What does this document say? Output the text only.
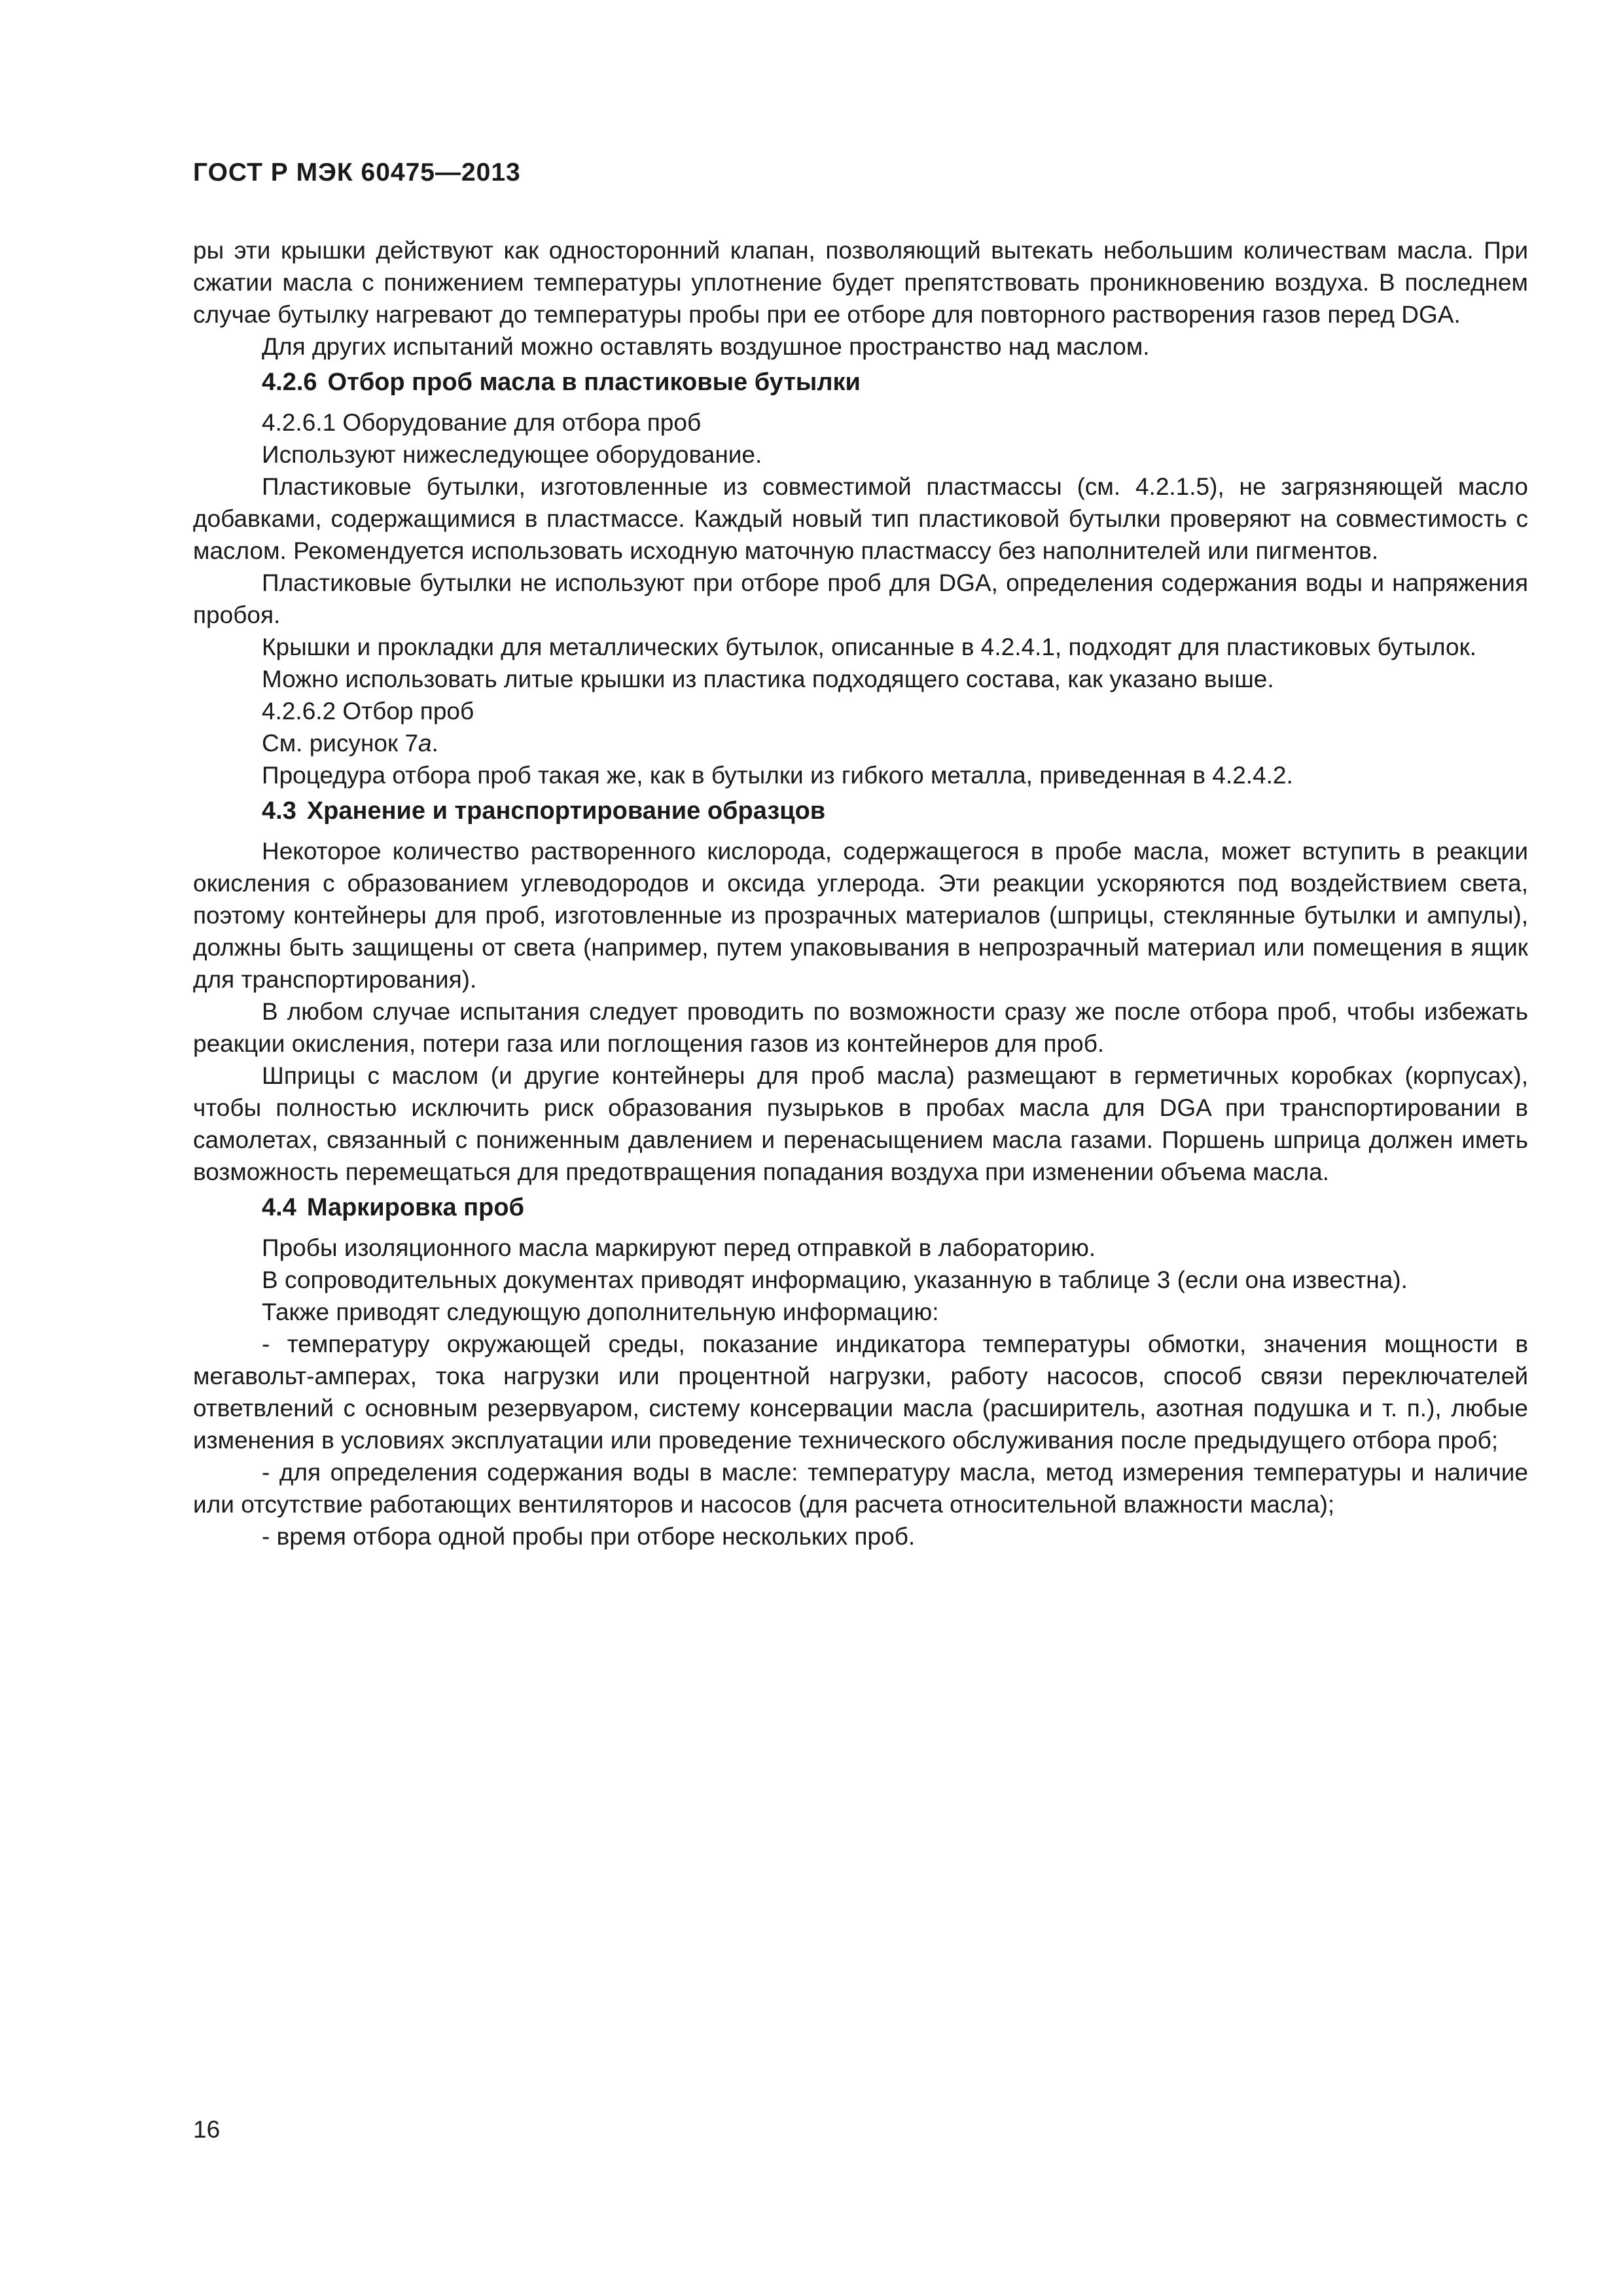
ГОСТ Р МЭК 60475—2013

ры эти крышки действуют как односторонний клапан, позволяющий вытекать небольшим количествам масла. При сжатии масла с понижением температуры уплотнение будет препятствовать проникновению воздуха. В последнем случае бутылку нагревают до температуры пробы при ее отборе для повторного растворения газов перед DGA.

Для других испытаний можно оставлять воздушное пространство над маслом.

4.2.6 Отбор проб масла в пластиковые бутылки

4.2.6.1 Оборудование для отбора проб

Используют нижеследующее оборудование.

Пластиковые бутылки, изготовленные из совместимой пластмассы (см. 4.2.1.5), не загрязняющей масло добавками, содержащимися в пластмассе. Каждый новый тип пластиковой бутылки проверяют на совместимость с маслом. Рекомендуется использовать исходную маточную пластмассу без наполнителей или пигментов.

Пластиковые бутылки не используют при отборе проб для DGA, определения содержания воды и напряжения пробоя.

Крышки и прокладки для металлических бутылок, описанные в 4.2.4.1, подходят для пластиковых бутылок.

Можно использовать литые крышки из пластика подходящего состава, как указано выше.

4.2.6.2 Отбор проб

См. рисунок 7а.

Процедура отбора проб такая же, как в бутылки из гибкого металла, приведенная в 4.2.4.2.

4.3 Хранение и транспортирование образцов

Некоторое количество растворенного кислорода, содержащегося в пробе масла, может вступить в реакции окисления с образованием углеводородов и оксида углерода. Эти реакции ускоряются под воздействием света, поэтому контейнеры для проб, изготовленные из прозрачных материалов (шприцы, стеклянные бутылки и ампулы), должны быть защищены от света (например, путем упаковывания в непрозрачный материал или помещения в ящик для транспортирования).

В любом случае испытания следует проводить по возможности сразу же после отбора проб, чтобы избежать реакции окисления, потери газа или поглощения газов из контейнеров для проб.

Шприцы с маслом (и другие контейнеры для проб масла) размещают в герметичных коробках (корпусах), чтобы полностью исключить риск образования пузырьков в пробах масла для DGA при транспортировании в самолетах, связанный с пониженным давлением и перенасыщением масла газами. Поршень шприца должен иметь возможность перемещаться для предотвращения попадания воздуха при изменении объема масла.

4.4 Маркировка проб

Пробы изоляционного масла маркируют перед отправкой в лабораторию.

В сопроводительных документах приводят информацию, указанную в таблице 3 (если она известна).

Также приводят следующую дополнительную информацию:

- температуру окружающей среды, показание индикатора температуры обмотки, значения мощности в мегавольт-амперах, тока нагрузки или процентной нагрузки, работу насосов, способ связи переключателей ответвлений с основным резервуаром, систему консервации масла (расширитель, азотная подушка и т. п.), любые изменения в условиях эксплуатации или проведение технического обслуживания после предыдущего отбора проб;

- для определения содержания воды в масле: температуру масла, метод измерения температуры и наличие или отсутствие работающих вентиляторов и насосов (для расчета относительной влажности масла);

- время отбора одной пробы при отборе нескольких проб.

16
